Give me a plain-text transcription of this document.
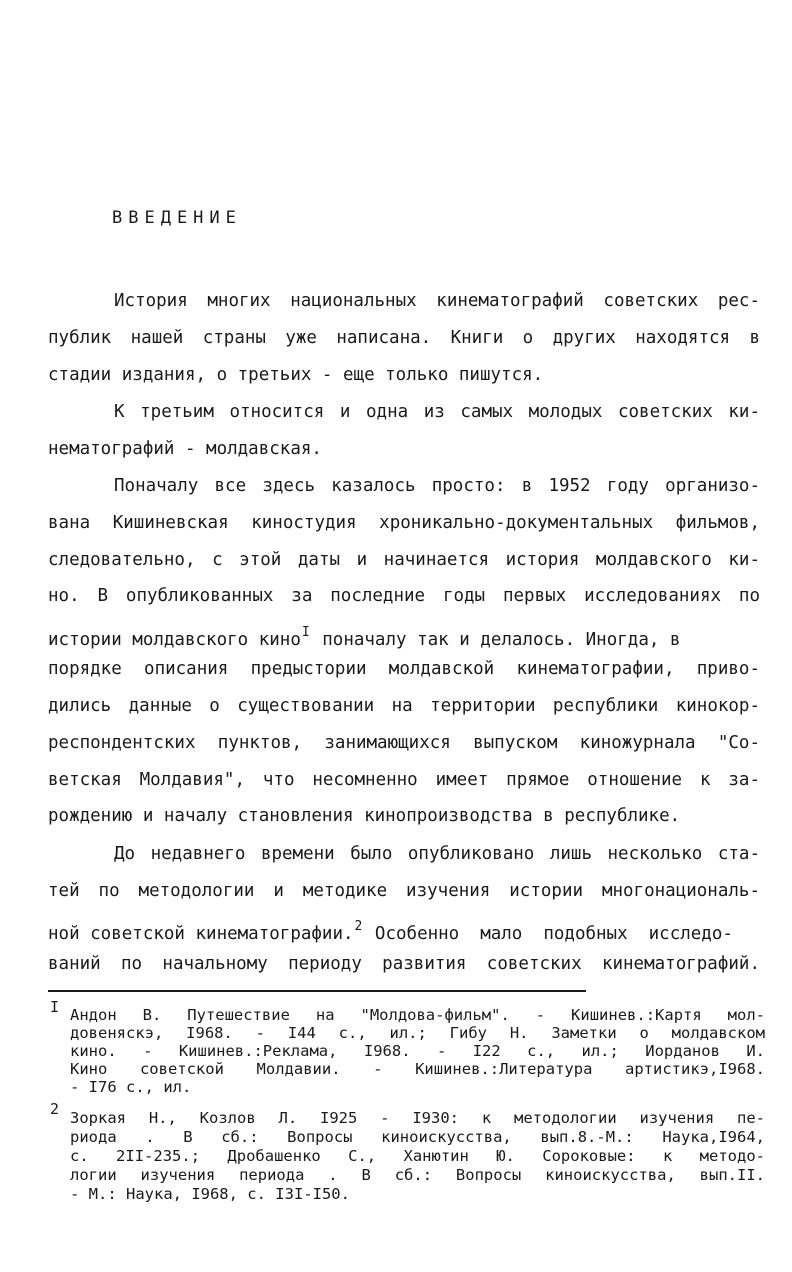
ВВЕДЕНИЕ
История многих национальных кинематографий советских рес-
публик нашей страны уже написана. Книги о других находятся в
стадии издания, о третьих - еще только пишутся.
К третьим относится и одна из самых молодых советских ки-
нематографий - молдавская.
Поначалу все здесь казалось просто: в 1952 году организо-
вана Кишиневская киностудия хроникально-документальных фильмов,
следовательно, с этой даты и начинается история молдавского ки-
но. В опубликованных за последние годы первых исследованиях по
истории молдавского кино$^I$ поначалу так и делалось. Иногда, в
порядке описания предыстории молдавской кинематографии, приво-
дились данные о существовании на территории республики кинокор-
респондентских пунктов, занимающихся выпуском киножурнала "Со-
ветская Молдавия", что несомненно имеет прямое отношение к за-
рождению и началу становления кинопроизводства в республике.
До недавнего времени было опубликовано лишь несколько ста-
тей по методологии и методике изучения истории многонациональ-
ной советской кинематографии.$^2$ Особенно мало подобных исследо-
ваний по начальному периоду развития советских кинематографий.
I Андон В. Путешествие на "Молдова-фильм". - Кишинев.:Картя мол-
довеняскэ, I968. - I44 с., ил.; Гибу Н. Заметки о молдавском
кино. - Кишинев.:Реклама, I968. - I22 с., ил.; Иорданов И.
Кино советской Молдавии. - Кишинев.:Литература артистикэ,I968.
- I76 с., ил.
2 Зоркая Н., Козлов Л. I925 - I930: к методологии изучения пе-
риода . В сб.: Вопросы киноискусства, вып.8.-М.: Наука,I964,
с. 2II-235.; Дробашенко С., Ханютин Ю. Сороковые: к методо-
логии изучения периода . В сб.: Вопросы киноискусства, вып.II.
- М.: Наука, I968, с. I3I-I50.
